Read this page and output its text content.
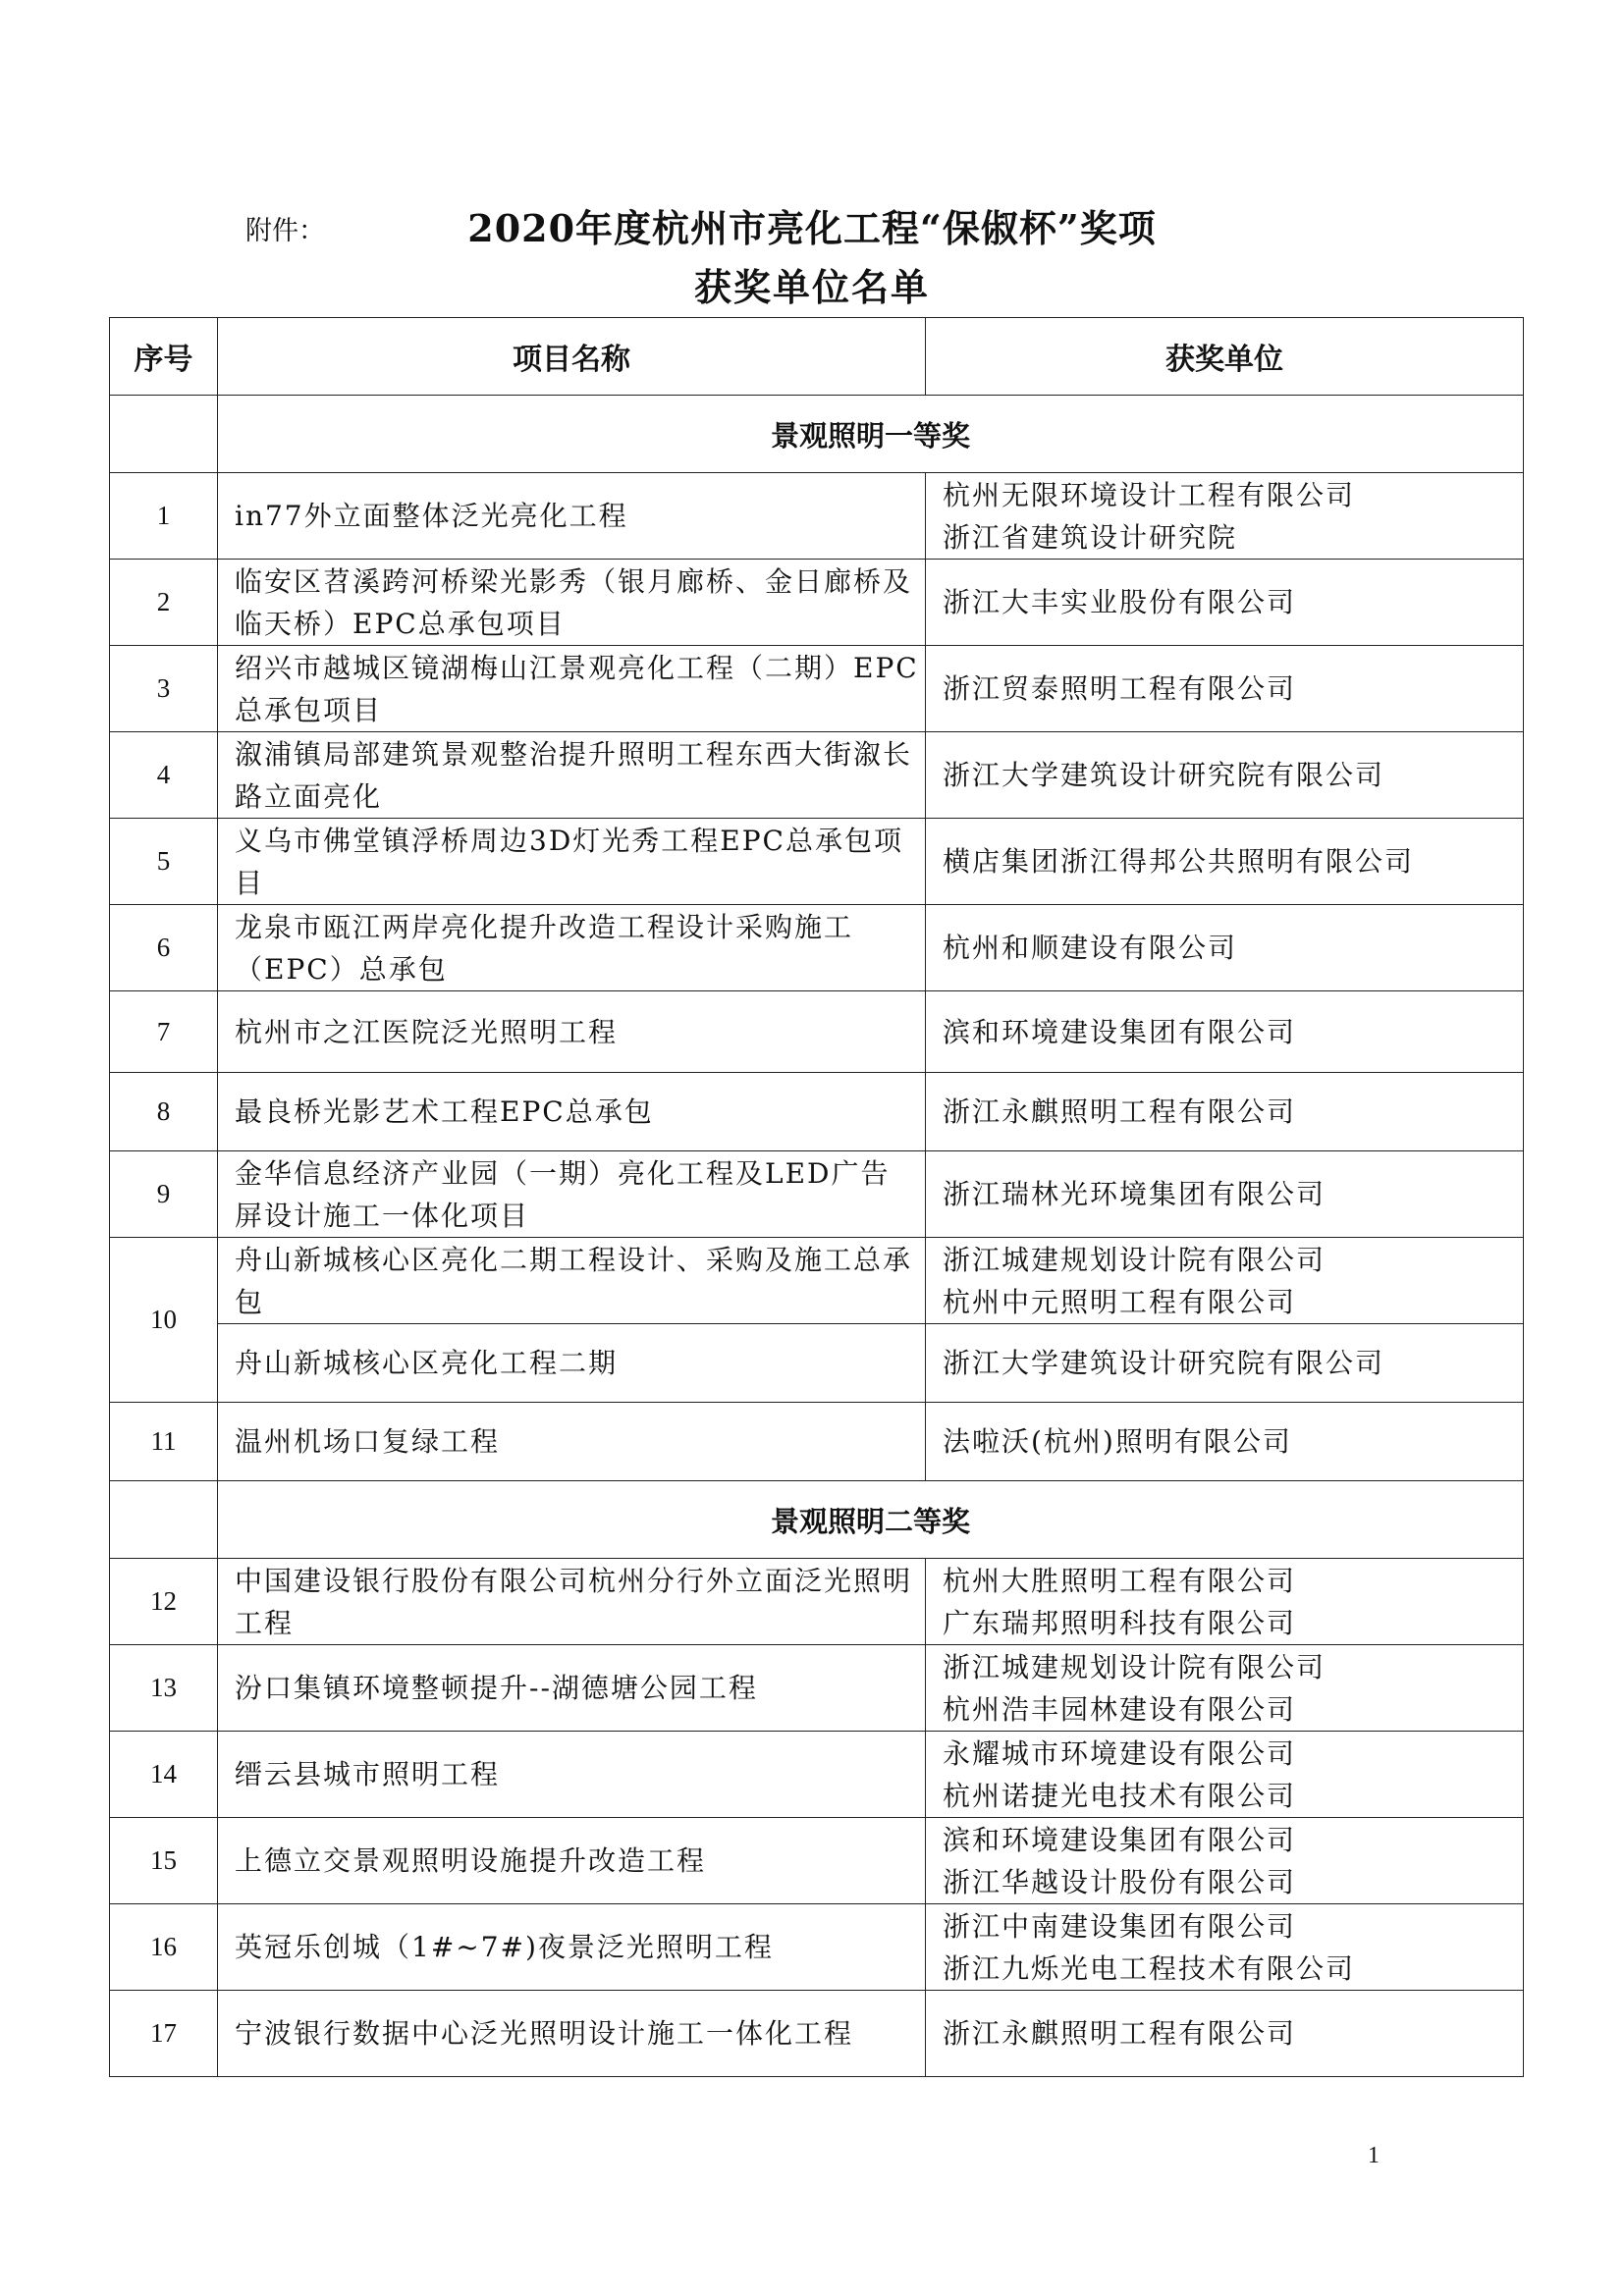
附件：	2020年度杭州市亮化工程“保俶杯”奖项
获奖单位名单
序号	项目名称	获奖单位
	景观照明一等奖	
1	in77外立面整体泛光亮化工程	杭州无限环境设计工程有限公司
浙江省建筑设计研究院

2	临安区苕溪跨河桥梁光影秀（银月廊桥、金日廊桥及临天桥）EPC总承包项目	浙江大丰实业股份有限公司

3	绍兴市越城区镜湖梅山江景观亮化工程（二期）EPC总承包项目	浙江贸泰照明工程有限公司

4	溆浦镇局部建筑景观整治提升照明工程东西大街溆长路立面亮化	浙江大学建筑设计研究院有限公司

5	义乌市佛堂镇浮桥周边3D灯光秀工程EPC总承包项目	横店集团浙江得邦公共照明有限公司

6	龙泉市瓯江两岸亮化提升改造工程设计采购施工（EPC）总承包	杭州和顺建设有限公司

7	杭州市之江医院泛光照明工程	滨和环境建设集团有限公司

8	最良桥光影艺术工程EPC总承包	浙江永麒照明工程有限公司

9	金华信息经济产业园（一期）亮化工程及LED广告屏设计施工一体化项目	浙江瑞林光环境集团有限公司

10	舟山新城核心区亮化二期工程设计、采购及施工总承包	浙江城建规划设计院有限公司
杭州中元照明工程有限公司

	舟山新城核心区亮化工程二期	浙江大学建筑设计研究院有限公司

11	温州机场口复绿工程	法啦沃(杭州)照明有限公司

	景观照明二等奖	
12	中国建设银行股份有限公司杭州分行外立面泛光照明工程	杭州大胜照明工程有限公司
广东瑞邦照明科技有限公司

13	汾口集镇环境整顿提升--湖德塘公园工程	浙江城建规划设计院有限公司
杭州浩丰园林建设有限公司

14	缙云县城市照明工程	永耀城市环境建设有限公司
杭州诺捷光电技术有限公司

15	上德立交景观照明设施提升改造工程	滨和环境建设集团有限公司
浙江华越设计股份有限公司

16	英冠乐创城（1#~7#)夜景泛光照明工程	浙江中南建设集团有限公司
浙江九烁光电工程技术有限公司

17	宁波银行数据中心泛光照明设计施工一体化工程	浙江永麒照明工程有限公司
1
